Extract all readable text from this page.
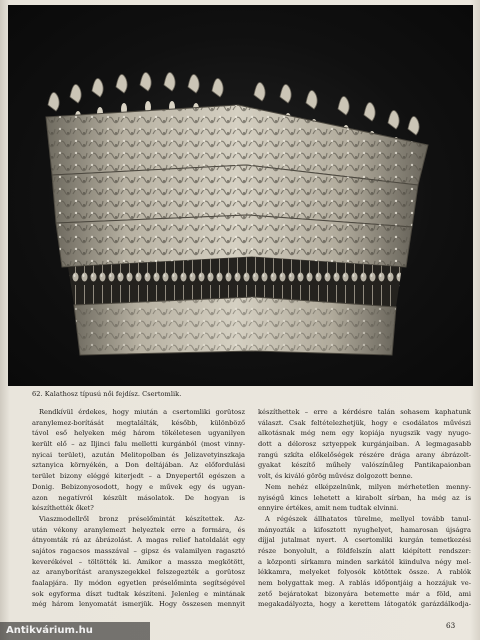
62. Kalathosz típusú női fejdísz. Csertomlik.
Rendkívül érdekes, hogy miután a csertomliki gorütosz
aranylemez-borítását megtalálták, később, különböző
távol eső helyeken még három tökéletesen ugyanilyen
került elő – az Iljinci falu melletti kurgánból (most vinny-
nyicai terület), azután Melitopolban és Jelizavetyinszkaja
sztanyica környékén, a Don deltájában. Az előfordulási
terület bizony eléggé kiterjedt – a Dnyepertől egészen a
Donig. Bebizonyosodott, hogy e művek egy és ugyan-
azon negatívról készült másolatok. De hogyan is
készíthették őket?
Viaszmodellről bronz préselőmintát készítettek. Az-
után vékony aranylemezt helyeztek erre a formára, és
átnyomták rá az ábrázolást. A magas relief hatoldalát egy
sajátos ragacsos masszával – gipsz és valamilyen ragasztó
keverékével – töltötték ki. Amikor a massza megkötött,
az aranyborítást aranyszegekkel felszegezték a gorütosz
faalapjára. Ily módon egyetlen préselőminta segítségével
sok egyforma díszt tudtak készíteni. Jelenleg e mintának
még három lenyomatát ismerjük. Hogy összesen mennyit
készíthettek – erre a kérdésre talán sohasem kaphatunk
választ. Csak feltételezhetjük, hogy e csodálatos művészi
alkotásnak még nem egy kopiája nyugszik vagy nyugo-
dott a délorosz sztyeppek kurgánjaiban. A legmagasabb
rangú szkíta előkelőségek részére drága arany ábrázolt-
gyakat készítő műhely valószínűleg Pantikapaionban
volt, és kiváló görög művész dolgozott benne.
Nem nehéz elképzelnünk, milyen mérhetetlen menny-
nyiségű kincs lehetett a kirabolt sírban, ha még az is
ennyire értékes, amit nem tudtak elvinni.
A régészek állhatatos türelme, mellyel tovább tanul-
mányozták a kifosztott nyughelyet, hamarosan újságra
díjjal jutalmat nyert. A csertomliki kurgán temetkezési
része bonyolult, a földfelszín alatt kiépített rendszer:
a központi sírkamra minden sarkától kiindulva négy mel-
lékkamra, melyeket folyosók kötöttek össze. A rablók
nem bolygattak meg. A rablás időpontjáig a hozzájuk ve-
zető bejáratokat bizonyára betemette már a föld, ami
megakadályozta, hogy a kerettem látogatók garázdálkodja-
63
Antikvárium.hu
